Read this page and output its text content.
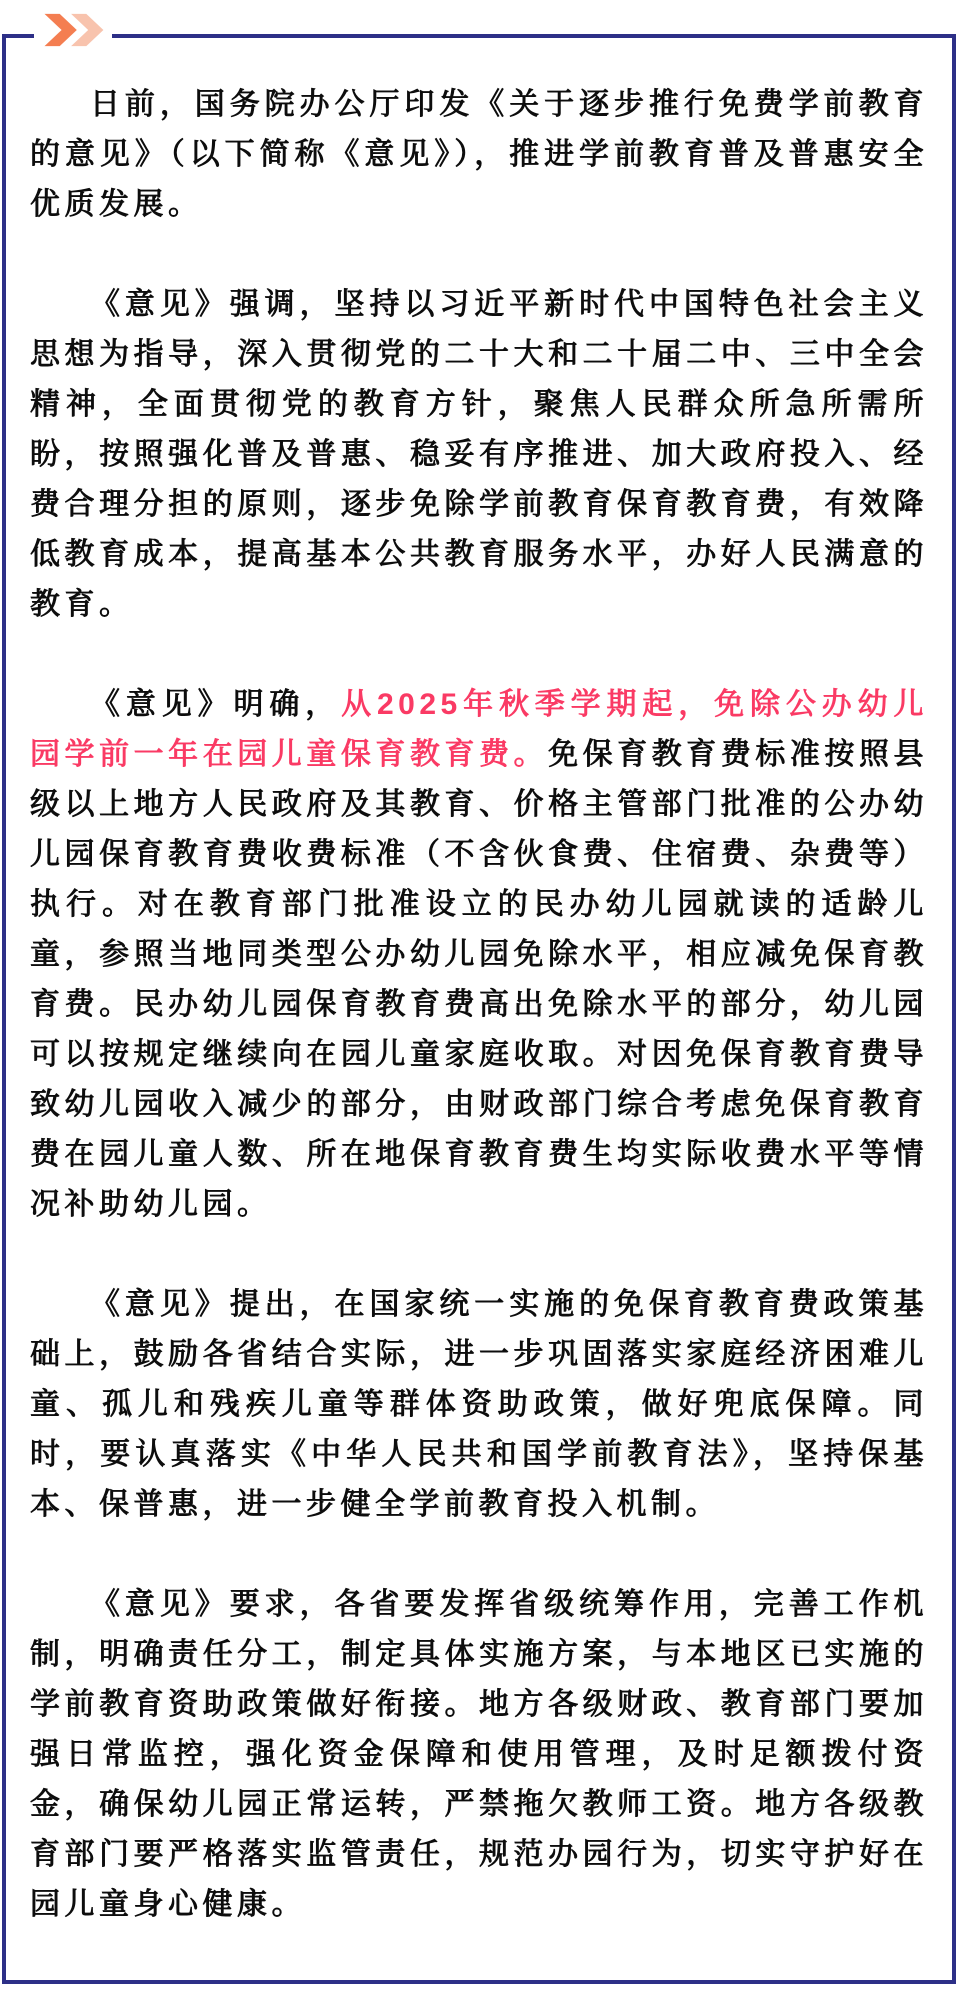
日前，国务院办公厅印发《关于逐步推行免费学前教育的意见》（以下简称《意见》），推进学前教育普及普惠安全优质发展。

《意见》强调，坚持以习近平新时代中国特色社会主义思想为指导，深入贯彻党的二十大和二十届二中、三中全会精神，全面贯彻党的教育方针，聚焦人民群众所急所需所盼，按照强化普及普惠、稳妥有序推进、加大政府投入、经费合理分担的原则，逐步免除学前教育保育教育费，有效降低教育成本，提高基本公共教育服务水平，办好人民满意的教育。

《意见》明确，从2025年秋季学期起，免除公办幼儿园学前一年在园儿童保育教育费。免保育教育费标准按照县级以上地方人民政府及其教育、价格主管部门批准的公办幼儿园保育教育费收费标准（不含伙食费、住宿费、杂费等）执行。对在教育部门批准设立的民办幼儿园就读的适龄儿童，参照当地同类型公办幼儿园免除水平，相应减免保育教育费。民办幼儿园保育教育费高出免除水平的部分，幼儿园可以按规定继续向在园儿童家庭收取。对因免保育教育费导致幼儿园收入减少的部分，由财政部门综合考虑免保育教育费在园儿童人数、所在地保育教育费生均实际收费水平等情况补助幼儿园。

《意见》提出，在国家统一实施的免保育教育费政策基础上，鼓励各省结合实际，进一步巩固落实家庭经济困难儿童、孤儿和残疾儿童等群体资助政策，做好兜底保障。同时，要认真落实《中华人民共和国学前教育法》，坚持保基本、保普惠，进一步健全学前教育投入机制。

《意见》要求，各省要发挥省级统筹作用，完善工作机制，明确责任分工，制定具体实施方案，与本地区已实施的学前教育资助政策做好衔接。地方各级财政、教育部门要加强日常监控，强化资金保障和使用管理，及时足额拨付资金，确保幼儿园正常运转，严禁拖欠教师工资。地方各级教育部门要严格落实监管责任，规范办园行为，切实守护好在园儿童身心健康。
